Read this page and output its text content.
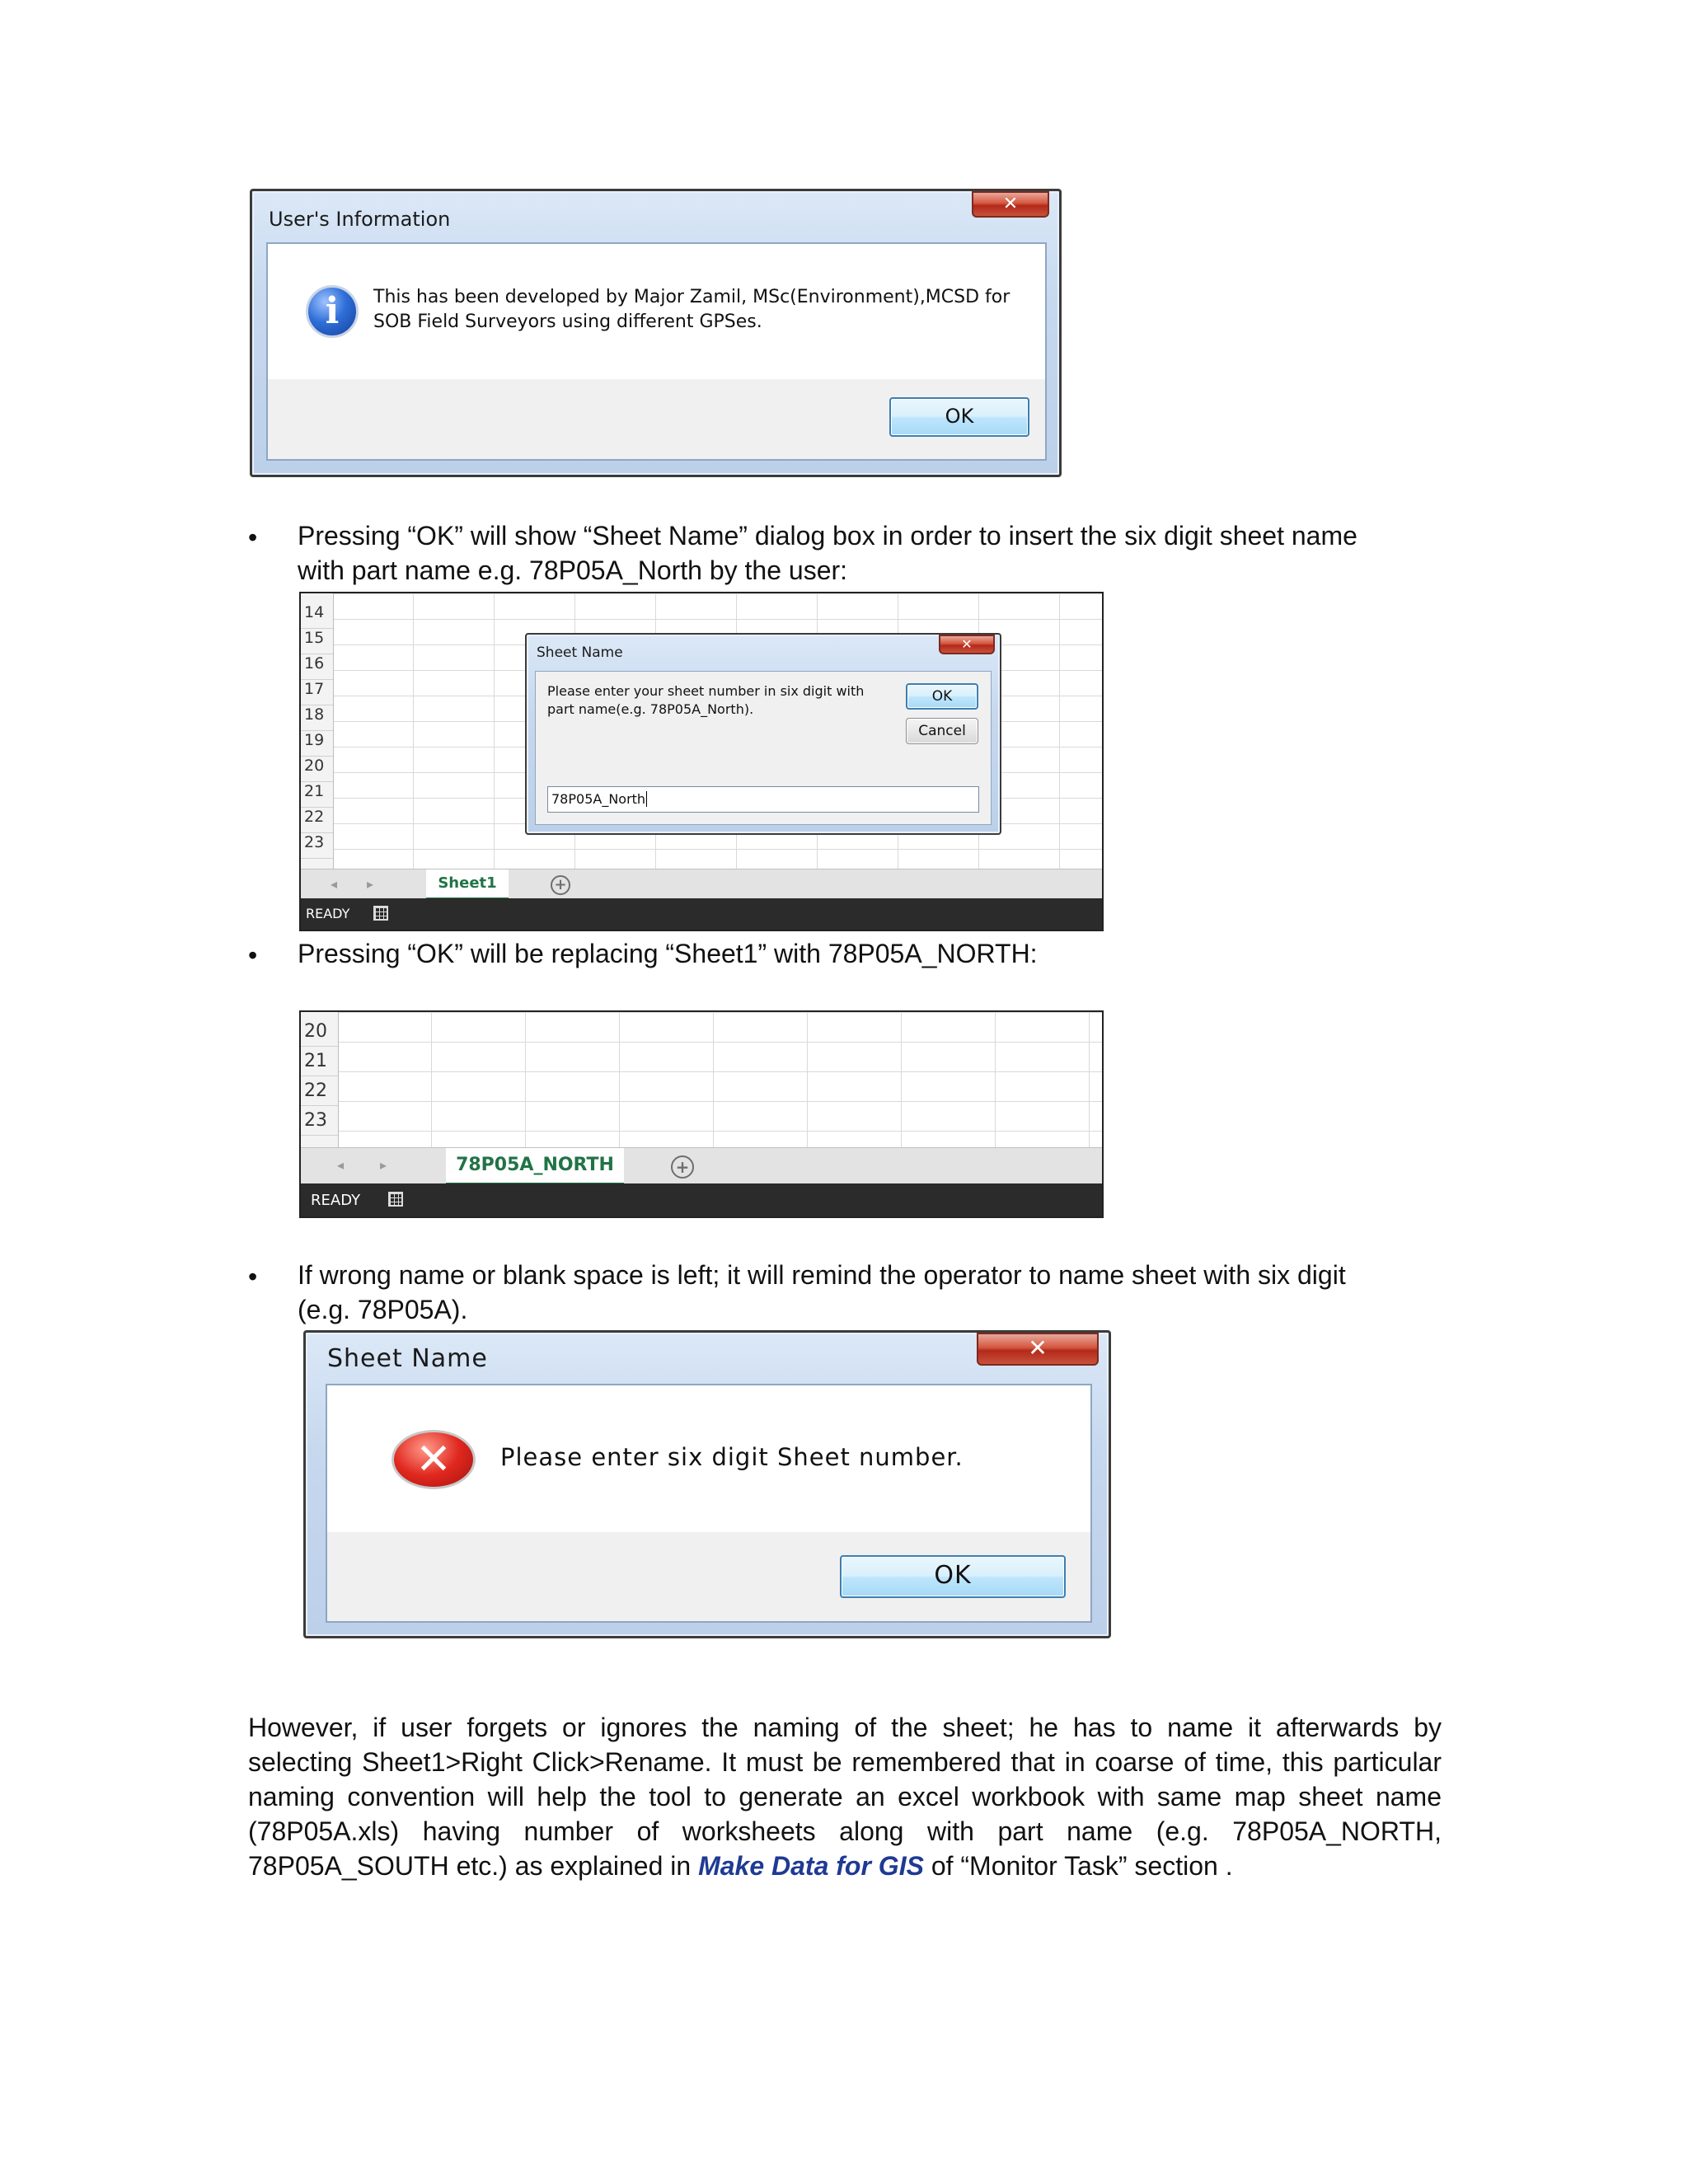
User's Information
✕
i	This has been developed by Major Zamil, MSc(Environment),MCSD for
SOB Field Surveyors using different GPSes.
OK
• Pressing “OK” will show “Sheet Name” dialog box in order to insert the six digit sheet name
with part name e.g. 78P05A_North by the user:
14
15
16
17
18
19
20
21
22
23
Sheet Name
✕
Please enter your sheet number in six digit with
part name(e.g. 78P05A_North).
OK
Cancel
78P05A_North
◂ ▸	Sheet1	+
READY
• Pressing “OK” will be replacing “Sheet1” with 78P05A_NORTH:
20
21
22
23
◂	▸	78P05A_NORTH	+
READY
• If wrong name or blank space is left; it will remind the operator to name sheet with six digit
(e.g. 78P05A).
Sheet Name	✕
✕	Please enter six digit Sheet number.
OK
However, if user forgets or ignores the naming of the sheet; he has to name it afterwards by
selecting Sheet1>Right Click>Rename. It must be remembered that in coarse of time, this particular
naming convention will help the tool to generate an excel workbook with same map sheet name
(78P05A.xls) having number of worksheets along with part name (e.g. 78P05A_NORTH,
78P05A_SOUTH etc.) as explained in Make Data for GIS of “Monitor Task” section .
